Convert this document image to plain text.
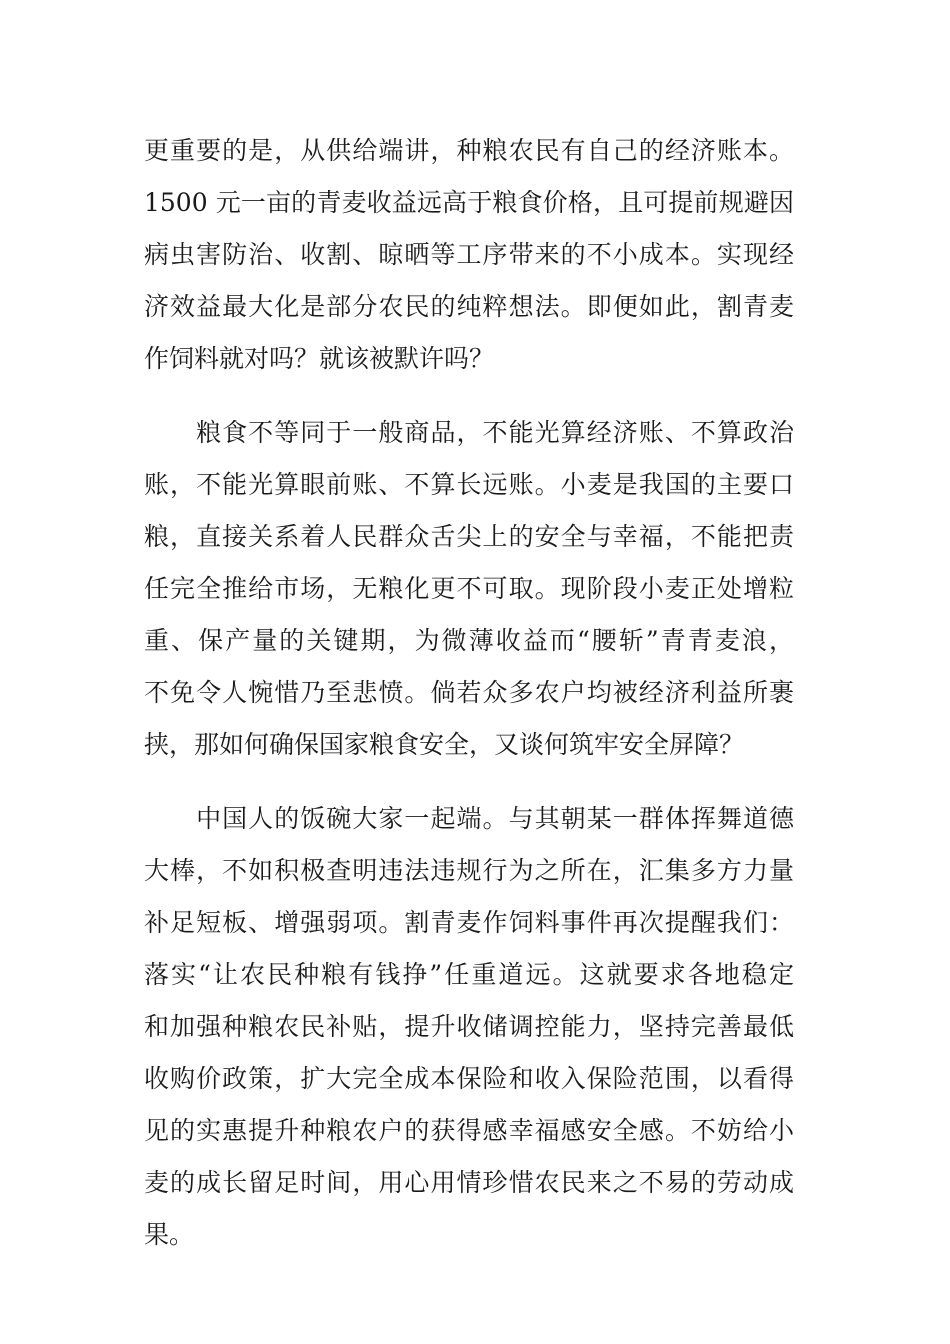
更重要的是，从供给端讲，种粮农民有自己的经济账本。
1500 元一亩的青麦收益远高于粮食价格，且可提前规避因
病虫害防治、收割、晾晒等工序带来的不小成本。实现经
济效益最大化是部分农民的纯粹想法。即便如此，割青麦
作饲料就对吗？就该被默许吗？
　　粮食不等同于一般商品，不能光算经济账、不算政治
账，不能光算眼前账、不算长远账。小麦是我国的主要口
粮，直接关系着人民群众舌尖上的安全与幸福，不能把责
任完全推给市场，无粮化更不可取。现阶段小麦正处增粒
重、保产量的关键期，为微薄收益而“腰斩”青青麦浪，
不免令人惋惜乃至悲愤。倘若众多农户均被经济利益所裹
挟，那如何确保国家粮食安全，又谈何筑牢安全屏障？
　　中国人的饭碗大家一起端。与其朝某一群体挥舞道德
大棒，不如积极查明违法违规行为之所在，汇集多方力量
补足短板、增强弱项。割青麦作饲料事件再次提醒我们：
落实“让农民种粮有钱挣”任重道远。这就要求各地稳定
和加强种粮农民补贴，提升收储调控能力，坚持完善最低
收购价政策，扩大完全成本保险和收入保险范围，以看得
见的实惠提升种粮农户的获得感幸福感安全感。不妨给小
麦的成长留足时间，用心用情珍惜农民来之不易的劳动成
果。
